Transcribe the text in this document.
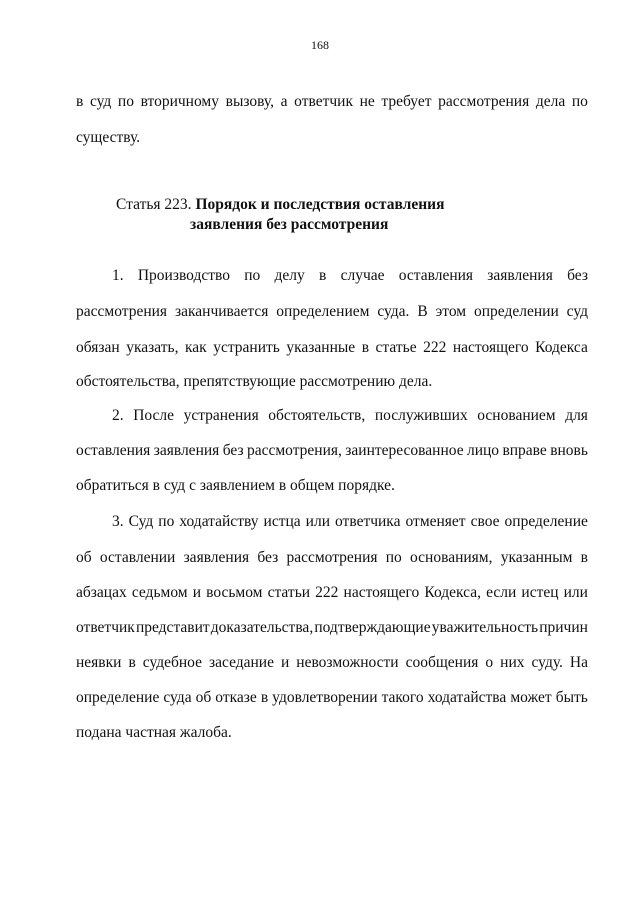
168
в суд по вторичному вызову, а ответчик не требует рассмотрения дела по
существу.
Статья 223. Порядок и последствия оставления
заявления без рассмотрения
1. Производство по делу в случае оставления заявления без
рассмотрения заканчивается определением суда. В этом определении суд
обязан указать, как устранить указанные в статье 222 настоящего Кодекса
обстоятельства, препятствующие рассмотрению дела.
2. После устранения обстоятельств, послуживших основанием для
оставления заявления без рассмотрения, заинтересованное лицо вправе вновь
обратиться в суд с заявлением в общем порядке.
3. Суд по ходатайству истца или ответчика отменяет свое определение
об оставлении заявления без рассмотрения по основаниям, указанным в
абзацах седьмом и восьмом статьи 222 настоящего Кодекса, если истец или
ответчик представит доказательства, подтверждающие уважительность причин
неявки в судебное заседание и невозможности сообщения о них суду. На
определение суда об отказе в удовлетворении такого ходатайства может быть
подана частная жалоба.
